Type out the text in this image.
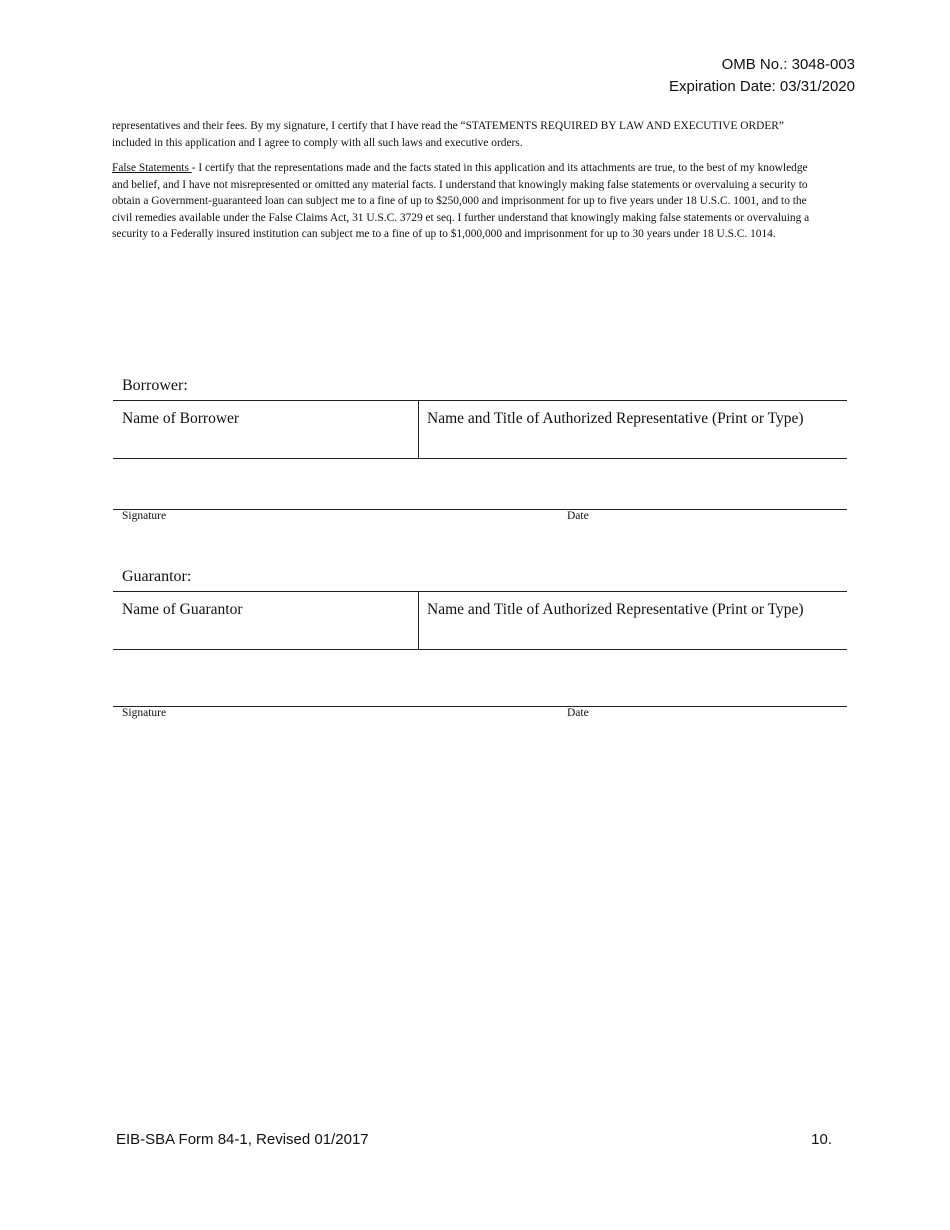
OMB No.: 3048-003
Expiration Date: 03/31/2020

representatives and their fees. By my signature, I certify that I have read the “STATEMENTS REQUIRED BY LAW AND EXECUTIVE ORDER” included in this application and I agree to comply with all such laws and executive orders.

False Statements - I certify that the representations made and the facts stated in this application and its attachments are true, to the best of my knowledge and belief, and I have not misrepresented or omitted any material facts. I understand that knowingly making false statements or overvaluing a security to obtain a Government-guaranteed loan can subject me to a fine of up to $250,000 and imprisonment for up to five years under 18 U.S.C. 1001, and to the civil remedies available under the False Claims Act, 31 U.S.C. 3729 et seq. I further understand that knowingly making false statements or overvaluing a security to a Federally insured institution can subject me to a fine of up to $1,000,000 and imprisonment for up to 30 years under 18 U.S.C. 1014.

Borrower:
Name of Borrower	Name and Title of Authorized Representative (Print or Type)
Signature	Date
Guarantor:
Name of Guarantor	Name and Title of Authorized Representative (Print or Type)
Signature	Date
EIB-SBA Form 84-1, Revised 01/2017	10.
